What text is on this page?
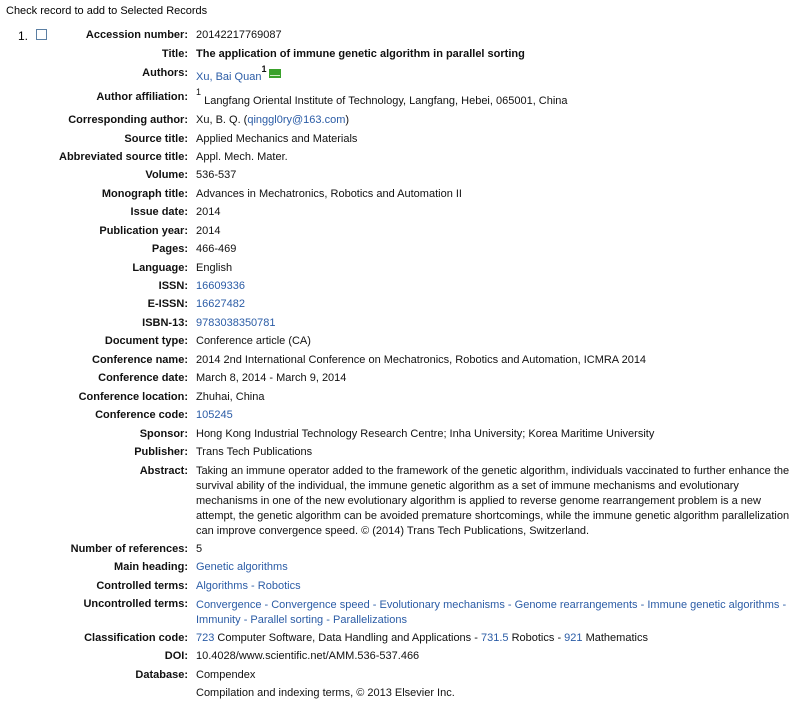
Check record to add to Selected Records
1.	Accession number: 20142217769087
Title: The application of immune genetic algorithm in parallel sorting
Authors: Xu, Bai Quan$^1$
Author affiliation: $^1$ Langfang Oriental Institute of Technology, Langfang, Hebei, 065001, China
Corresponding author: Xu, B. Q. (qinggl0ry@163.com)
Source title: Applied Mechanics and Materials
Abbreviated source title: Appl. Mech. Mater.
Volume: 536-537
Monograph title: Advances in Mechatronics, Robotics and Automation II
Issue date: 2014
Publication year: 2014
Pages: 466-469
Language: English
ISSN: 16609336
E-ISSN: 16627482
ISBN-13: 9783038350781
Document type: Conference article (CA)
Conference name: 2014 2nd International Conference on Mechatronics, Robotics and Automation, ICMRA 2014
Conference date: March 8, 2014 - March 9, 2014
Conference location: Zhuhai, China
Conference code: 105245
Sponsor: Hong Kong Industrial Technology Research Centre; Inha University; Korea Maritime University
Publisher: Trans Tech Publications
Abstract: Taking an immune operator added to the framework of the genetic algorithm, individuals vaccinated to further enhance the survival ability of the individual, the immune genetic algorithm as a set of immune mechanisms and evolutionary mechanisms in one of the new evolutionary algorithm is applied to reverse genome rearrangement problem is a new attempt, the genetic algorithm can be avoided premature shortcomings, while the immune genetic algorithm parallelization can improve convergence speed. © (2014) Trans Tech Publications, Switzerland.
Number of references: 5
Main heading: Genetic algorithms
Controlled terms: Algorithms - Robotics
Uncontrolled terms: Convergence - Convergence speed - Evolutionary mechanisms - Genome rearrangements - Immune genetic algorithms - Immunity - Parallel sorting - Parallelizations
Classification code: 723 Computer Software, Data Handling and Applications - 731.5 Robotics - 921 Mathematics
DOI: 10.4028/www.scientific.net/AMM.536-537.466
Database: Compendex
Compilation and indexing terms, © 2013 Elsevier Inc.
